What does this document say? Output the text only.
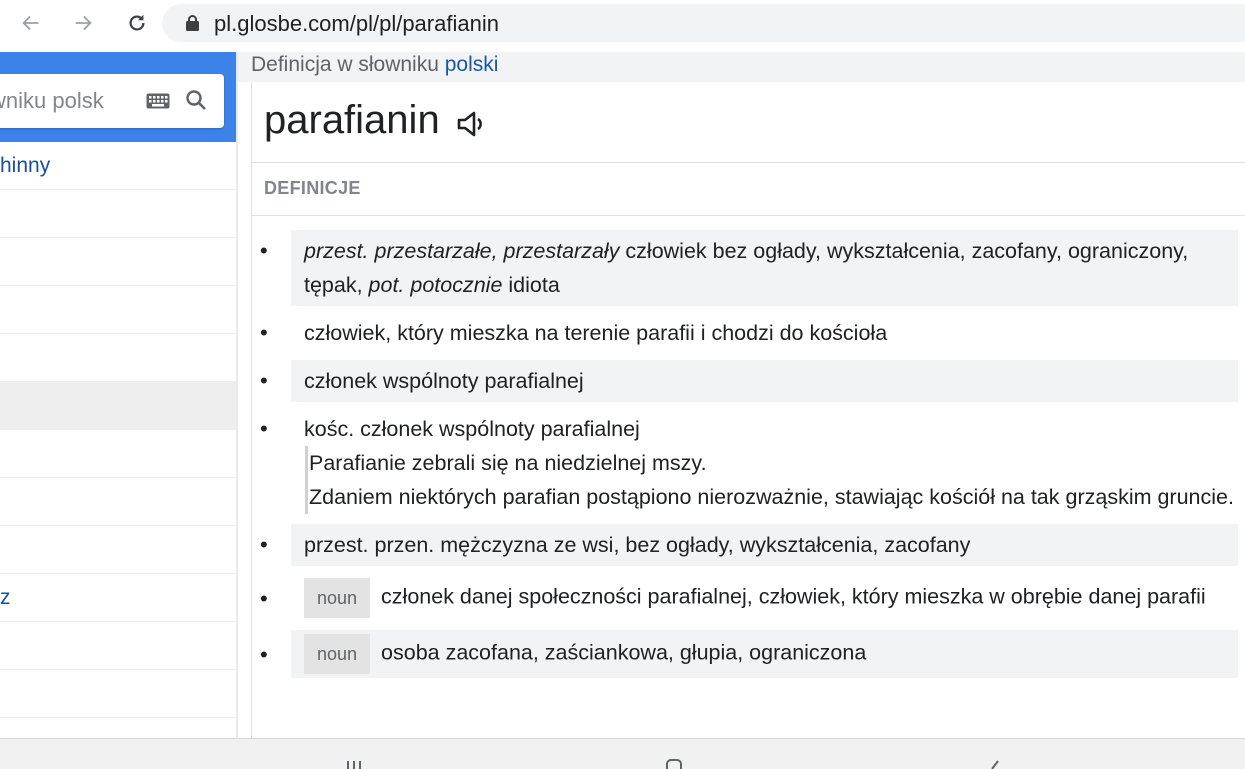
pl.glosbe.com/pl/pl/parafianin
wniku polsk
hinny
z
Definicja w słowniku polski
parafianin
DEFINICJE
• przest. przestarzałe, przestarzały człowiek bez ogłady, wykształcenia, zacofany, ograniczony, tępak, pot. potocznie idiota
• człowiek, który mieszka na terenie parafii i chodzi do kościoła
• członek wspólnoty parafialnej
• kośc. członek wspólnoty parafialnej
Parafianie zebrali się na niedzielnej mszy.
Zdaniem niektórych parafian postąpiono nierozważnie, stawiając kościół na tak grząskim gruncie.
• przest. przen. mężczyzna ze wsi, bez ogłady, wykształcenia, zacofany
•	noun członek danej społeczności parafialnej, człowiek, który mieszka w obrębie danej parafii
•	noun osoba zacofana, zaściankowa, głupia, ograniczona
